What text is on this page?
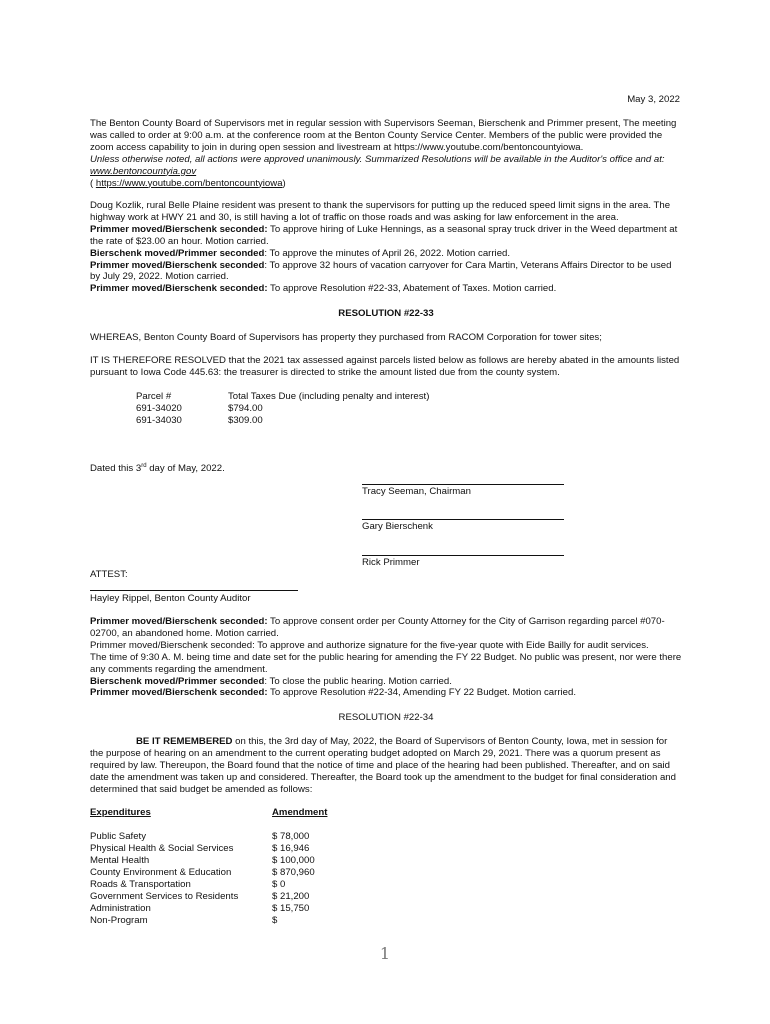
May 3, 2022

The Benton County Board of Supervisors met in regular session with Supervisors Seeman, Bierschenk and Primmer present, The meeting was called to order at 9:00 a.m. at the conference room at the Benton County Service Center. Members of the public were provided the zoom access capability to join in during open session and livestream at https://www.youtube.com/bentoncountyiowa.
Unless otherwise noted, all actions were approved unanimously. Summarized Resolutions will be available in the Auditor's office and at: www.bentoncountyia.gov
( https://www.youtube.com/bentoncountyiowa)

Doug Kozlik, rural Belle Plaine resident was present to thank the supervisors for putting up the reduced speed limit signs in the area. The highway work at HWY 21 and 30, is still having a lot of traffic on those roads and was asking for law enforcement in the area.
Primmer moved/Bierschenk seconded: To approve hiring of Luke Hennings, as a seasonal spray truck driver in the Weed department at the rate of $23.00 an hour. Motion carried.
Bierschenk moved/Primmer seconded: To approve the minutes of April 26, 2022. Motion carried.
Primmer moved/Bierschenk seconded: To approve 32 hours of vacation carryover for Cara Martin, Veterans Affairs Director to be used by July 29, 2022. Motion carried.
Primmer moved/Bierschenk seconded: To approve Resolution #22-33, Abatement of Taxes. Motion carried.

RESOLUTION #22-33

WHEREAS, Benton County Board of Supervisors has property they purchased from RACOM Corporation for tower sites;

IT IS THEREFORE RESOLVED that the 2021 tax assessed against parcels listed below as follows are hereby abated in the amounts listed pursuant to Iowa Code 445.63: the treasurer is directed to strike the amount listed due from the county system.

Parcel #	Total Taxes Due (including penalty and interest)
691-34020	$794.00
691-34030	$309.00
Dated this 3rd day of May, 2022.
Tracy Seeman, Chairman
Gary Bierschenk
Rick Primmer
ATTEST:
Hayley Rippel, Benton County Auditor

Primmer moved/Bierschenk seconded: To approve consent order per County Attorney for the City of Garrison regarding parcel #070-02700, an abandoned home. Motion carried.
Primmer moved/Bierschenk seconded: To approve and authorize signature for the five-year quote with Eide Bailly for audit services.
The time of 9:30 A. M. being time and date set for the public hearing for amending the FY 22 Budget. No public was present, nor were there any comments regarding the amendment.
Bierschenk moved/Primmer seconded: To close the public hearing. Motion carried.
Primmer moved/Bierschenk seconded: To approve Resolution #22-34, Amending FY 22 Budget. Motion carried.

RESOLUTION #22-34

BE IT REMEMBERED on this, the 3rd day of May, 2022, the Board of Supervisors of Benton County, Iowa, met in session for the purpose of hearing on an amendment to the current operating budget adopted on March 29, 2021. There was a quorum present as required by law. Thereupon, the Board found that the notice of time and place of the hearing had been published. Thereafter, and on said date the amendment was taken up and considered. Thereafter, the Board took up the amendment to the budget for final consideration and determined that said budget be amended as follows:

Expenditures	Amendment
Public Safety	$ 78,000
Physical Health & Social Services	$ 16,946
Mental Health	$ 100,000
County Environment & Education	$ 870,960
Roads & Transportation	$ 0
Government Services to Residents	$ 21,200
Administration	$ 15,750
Non-Program	$
1
